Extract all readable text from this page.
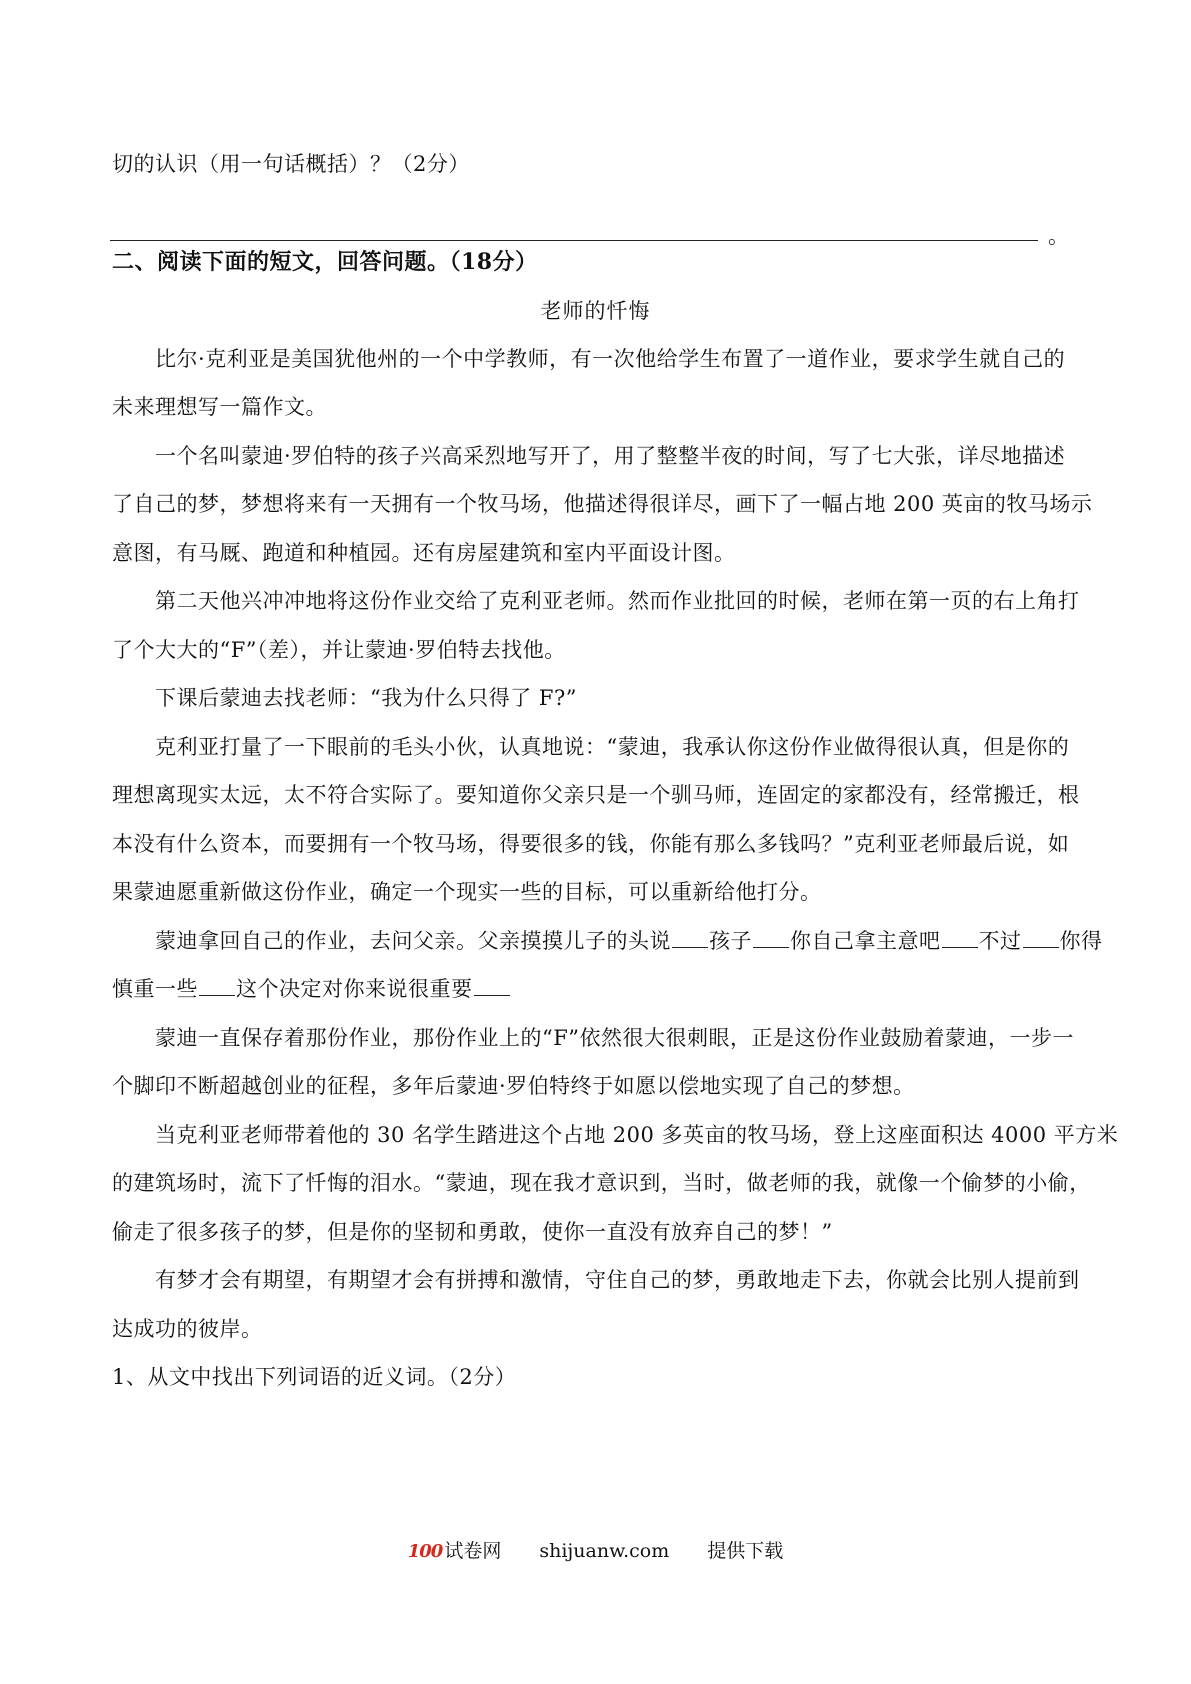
切的认识（用一句话概括）？（2分）
。
二、阅读下面的短文，回答问题。（18分）
老师的忏悔
比尔·克利亚是美国犹他州的一个中学教师，有一次他给学生布置了一道作业，要求学生就自己的
未来理想写一篇作文。
一个名叫蒙迪·罗伯特的孩子兴高采烈地写开了，用了整整半夜的时间，写了七大张，详尽地描述
了自己的梦，梦想将来有一天拥有一个牧马场，他描述得很详尽，画下了一幅占地 200 英亩的牧马场示
意图，有马厩、跑道和种植园。还有房屋建筑和室内平面设计图。
第二天他兴冲冲地将这份作业交给了克利亚老师。然而作业批回的时候，老师在第一页的右上角打
了个大大的“F”（差），并让蒙迪·罗伯特去找他。
下课后蒙迪去找老师：“我为什么只得了 F?”
克利亚打量了一下眼前的毛头小伙，认真地说：“蒙迪，我承认你这份作业做得很认真，但是你的
理想离现实太远，太不符合实际了。要知道你父亲只是一个驯马师，连固定的家都没有，经常搬迁，根
本没有什么资本，而要拥有一个牧马场，得要很多的钱，你能有那么多钱吗？”克利亚老师最后说，如
果蒙迪愿重新做这份作业，确定一个现实一些的目标，可以重新给他打分。
蒙迪拿回自己的作业，去问父亲。父亲摸摸儿子的头说 孩子 你自己拿主意吧 不过 你得
慎重一些 这个决定对你来说很重要
蒙迪一直保存着那份作业，那份作业上的“F”依然很大很刺眼，正是这份作业鼓励着蒙迪，一步一
个脚印不断超越创业的征程，多年后蒙迪·罗伯特终于如愿以偿地实现了自己的梦想。
当克利亚老师带着他的 30 名学生踏进这个占地 200 多英亩的牧马场，登上这座面积达 4000 平方米
的建筑场时，流下了忏悔的泪水。“蒙迪，现在我才意识到，当时，做老师的我，就像一个偷梦的小偷，
偷走了很多孩子的梦，但是你的坚韧和勇敢，使你一直没有放弃自己的梦！”
有梦才会有期望，有期望才会有拼搏和激情，守住自己的梦，勇敢地走下去，你就会比别人提前到
达成功的彼岸。
1、从文中找出下列词语的近义词。（2分）
100 试卷网 shijuanw.com 提供下载
